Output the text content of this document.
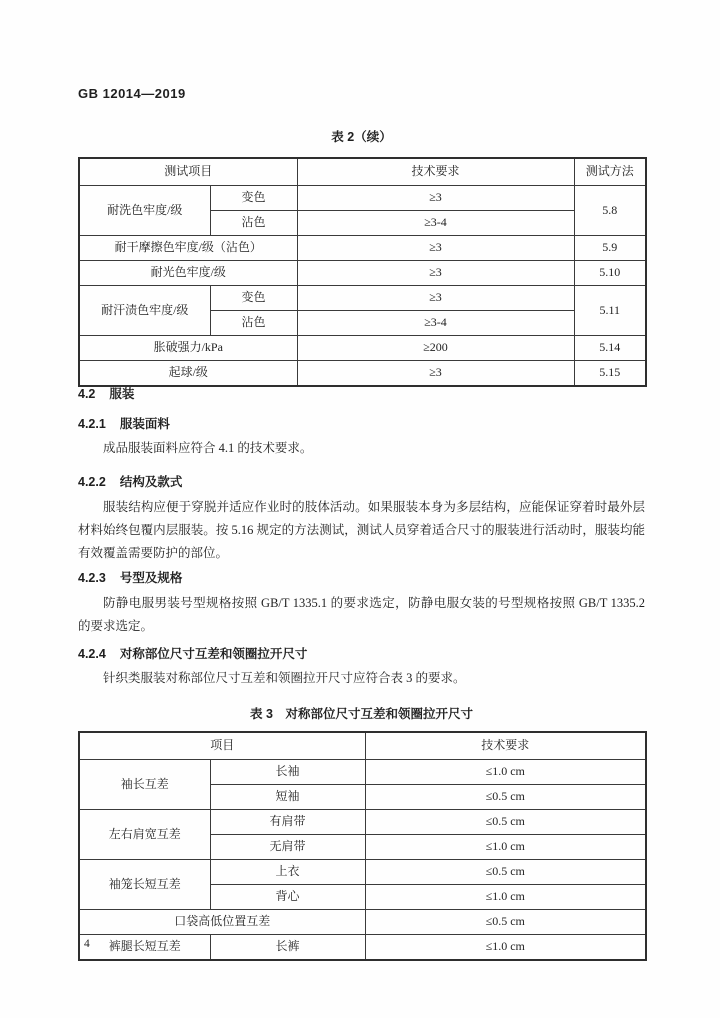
GB 12014—2019
表 2（续）
测试项目		技术要求	测试方法
耐洗色牢度/级	变色	≥3	5.8
	沾色	≥3-4	
耐干摩擦色牢度/级（沾色）		≥3	5.9
耐光色牢度/级		≥3	5.10
耐汗渍色牢度/级	变色	≥3	5.11
	沾色	≥3-4	
胀破强力/kPa		≥200	5.14
起球/级		≥3	5.15
4.2 服装
4.2.1 服装面料
成品服装面料应符合 4.1 的技术要求。
4.2.2 结构及款式
服装结构应便于穿脱并适应作业时的肢体活动。如果服装本身为多层结构，应能保证穿着时最外层材料始终包覆内层服装。按 5.16 规定的方法测试，测试人员穿着适合尺寸的服装进行活动时，服装均能有效覆盖需要防护的部位。
4.2.3 号型及规格
防静电服男装号型规格按照 GB/T 1335.1 的要求选定，防静电服女装的号型规格按照 GB/T 1335.2 的要求选定。
4.2.4 对称部位尺寸互差和领圈拉开尺寸
针织类服装对称部位尺寸互差和领圈拉开尺寸应符合表 3 的要求。
表 3　对称部位尺寸互差和领圈拉开尺寸
项目		技术要求
袖长互差	长袖	≤1.0 cm
	短袖	≤0.5 cm
左右肩宽互差	有肩带	≤0.5 cm
	无肩带	≤1.0 cm
袖笼长短互差	上衣	≤0.5 cm
	背心	≤1.0 cm
口袋高低位置互差		≤0.5 cm
裤腿长短互差	长裤	≤1.0 cm
4
